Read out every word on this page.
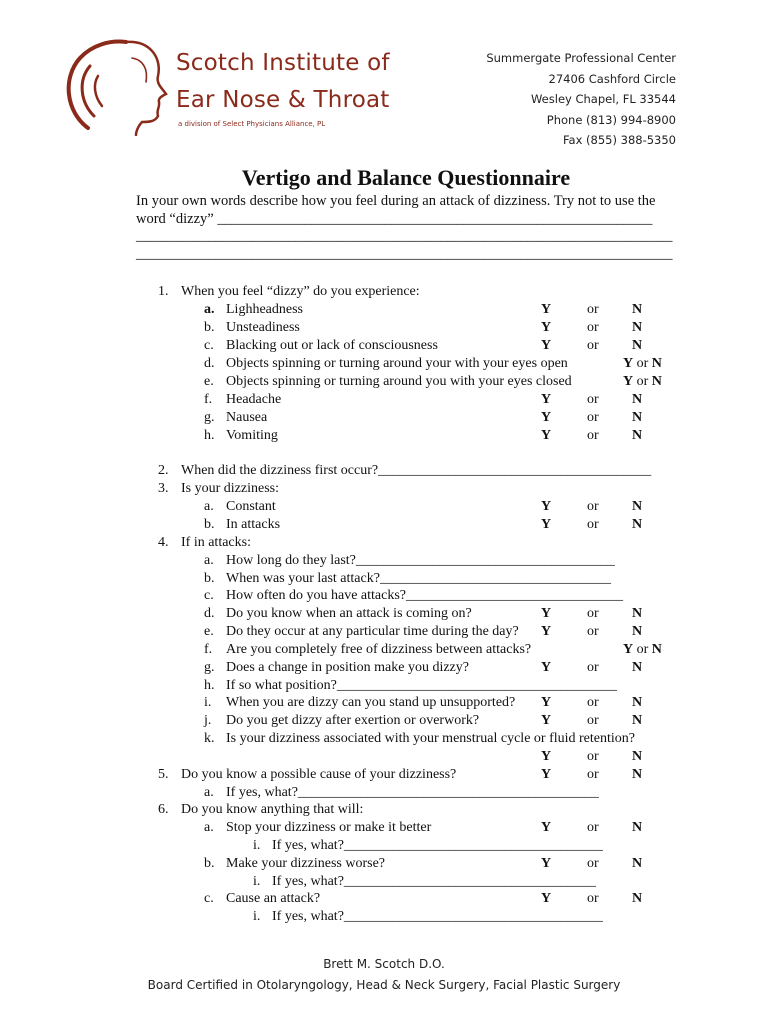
Scotch Institute of
Ear Nose & Throat
a division of Select Physicians Alliance, PL
Summergate Professional Center
27406 Cashford Circle
Wesley Chapel, FL 33544
Phone (813) 994-8900
Fax (855) 388-5350
Vertigo and Balance Questionnaire
In your own words describe how you feel during an attack of dizziness. Try not to use the word “dizzy” ____________________________________________________________
__________________________________________________________________________
__________________________________________________________________________
1. When you feel “dizzy” do you experience:
a. Lighheadness	Y	or N
b. Unsteadiness	Y	or N
c. Blacking out or lack of consciousness	Y	or N
d. Objects spinning or turning around your with your eyes open	Y or N
e. Objects spinning or turning around you with your eyes closed	Y or N
f. Headache	Y	or N
g. Nausea	Y	or N
h. Vomiting	Y	or N
2. When did the dizziness first occur?_______________________________________
3. Is your dizziness:
a. Constant	Y	or N
b. In attacks	Y	or N
4. If in attacks:
a. How long do they last?_____________________________________
b. When was your last attack?_________________________________
c. How often do you have attacks?_______________________________
d. Do you know when an attack is coming on?	Y	or N
e. Do they occur at any particular time during the day? Y	or N
f. Are you completely free of dizziness between attacks?	Y or N
g. Does a change in position make you dizzy?	Y	or N
h. If so what position?________________________________________
i. When you are dizzy can you stand up unsupported? Y	or N
j. Do you get dizzy after exertion or overwork?	Y	or N
k. Is your dizziness associated with your menstrual cycle or fluid retention?
Y	or N
5. Do you know a possible cause of your dizziness?	Y	or N
a. If yes, what?___________________________________________
6. Do you know anything that will:
a. Stop your dizziness or make it better	Y	or N
i. If yes, what?_____________________________________
b. Make your dizziness worse?	Y	or N
i. If yes, what?____________________________________
c. Cause an attack?	Y	or N
i. If yes, what?_____________________________________
Brett M. Scotch D.O.
Board Certified in Otolaryngology, Head & Neck Surgery, Facial Plastic Surgery
